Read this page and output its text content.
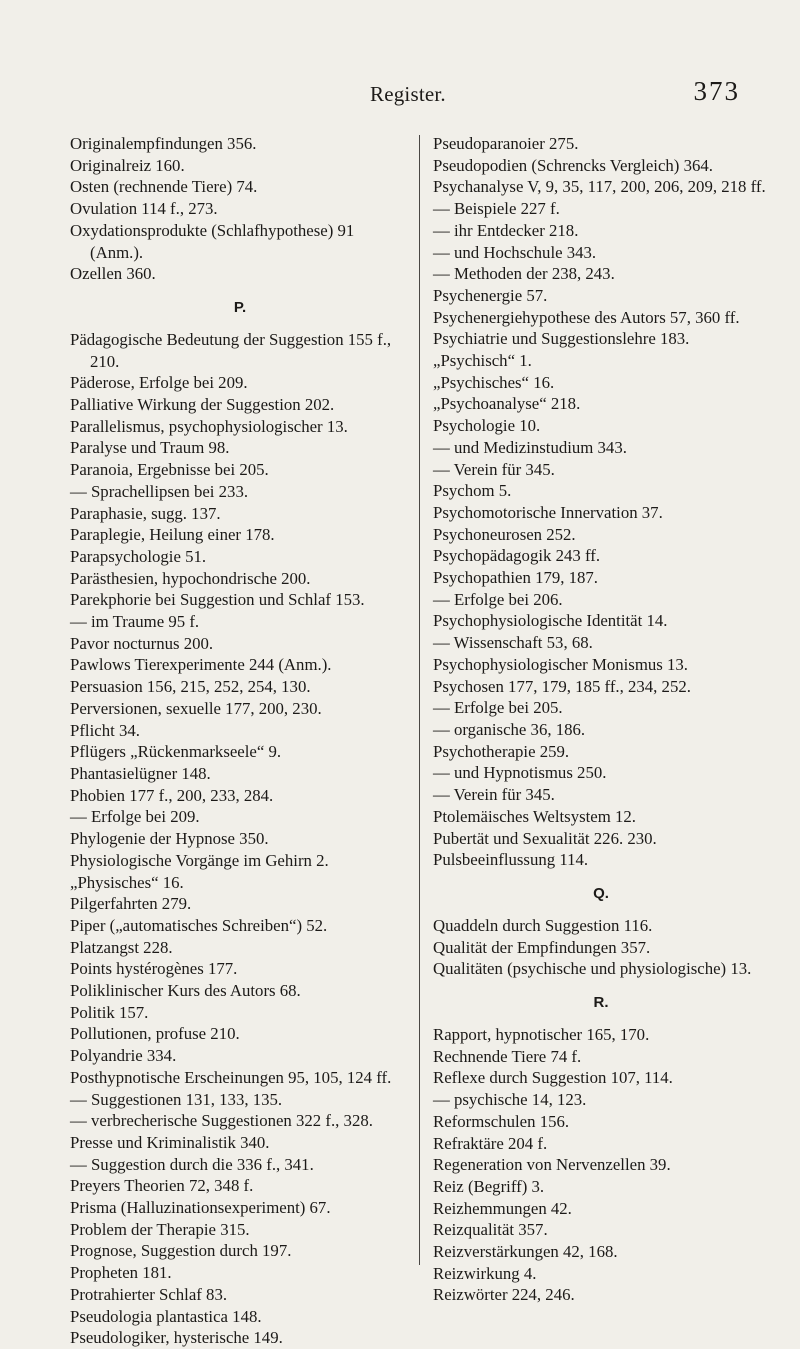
Register.	373

Originalempfindungen 356.

Originalreiz 160.

Osten (rechnende Tiere) 74.

Ovulation 114 f., 273.

Oxydationsprodukte (Schlafhypothese) 91 (Anm.).

Ozellen 360.

P.

Pädagogische Bedeutung der Suggestion 155 f., 210.

Päderose, Erfolge bei 209.

Palliative Wirkung der Suggestion 202.

Parallelismus, psychophysiologischer 13.

Paralyse und Traum 98.

Paranoia, Ergebnisse bei 205.

— Sprachellipsen bei 233.

Paraphasie, sugg. 137.

Paraplegie, Heilung einer 178.

Parapsychologie 51.

Parästhesien, hypochondrische 200.

Parekphorie bei Suggestion und Schlaf 153.

— im Traume 95 f.

Pavor nocturnus 200.

Pawlows Tierexperimente 244 (Anm.).

Persuasion 156, 215, 252, 254, 130.

Perversionen, sexuelle 177, 200, 230.

Pflicht 34.

Pflügers „Rückenmarkseele“ 9.

Phantasielügner 148.

Phobien 177 f., 200, 233, 284.

— Erfolge bei 209.

Phylogenie der Hypnose 350.

Physiologische Vorgänge im Gehirn 2.

„Physisches“ 16.

Pilgerfahrten 279.

Piper („automatisches Schreiben“) 52.

Platzangst 228.

Points hystérogènes 177.

Poliklinischer Kurs des Autors 68.

Politik 157.

Pollutionen, profuse 210.

Polyandrie 334.

Posthypnotische Erscheinungen 95, 105, 124 ff.

— Suggestionen 131, 133, 135.

— verbrecherische Suggestionen 322 f., 328.

Presse und Kriminalistik 340.

— Suggestion durch die 336 f., 341.

Preyers Theorien 72, 348 f.

Prisma (Halluzinationsexperiment) 67.

Problem der Therapie 315.

Prognose, Suggestion durch 197.

Propheten 181.

Protrahierter Schlaf 83.

Pseudologia plantastica 148.

Pseudologiker, hysterische 149.

Pseudoparanoier 275.

Pseudopodien (Schrencks Vergleich) 364.

Psychanalyse V, 9, 35, 117, 200, 206, 209, 218 ff.

— Beispiele 227 f.

— ihr Entdecker 218.

— und Hochschule 343.

— Methoden der 238, 243.

Psychenergie 57.

Psychenergiehypothese des Autors 57, 360 ff.

Psychiatrie und Suggestionslehre 183.

„Psychisch“ 1.

„Psychisches“ 16.

„Psychoanalyse“ 218.

Psychologie 10.

— und Medizinstudium 343.

— Verein für 345.

Psychom 5.

Psychomotorische Innervation 37.

Psychoneurosen 252.

Psychopädagogik 243 ff.

Psychopathien 179, 187.

— Erfolge bei 206.

Psychophysiologische Identität 14.

— Wissenschaft 53, 68.

Psychophysiologischer Monismus 13.

Psychosen 177, 179, 185 ff., 234, 252.

— Erfolge bei 205.

— organische 36, 186.

Psychotherapie 259.

— und Hypnotismus 250.

— Verein für 345.

Ptolemäisches Weltsystem 12.

Pubertät und Sexualität 226. 230.

Pulsbeeinflussung 114.

Q.

Quaddeln durch Suggestion 116.

Qualität der Empfindungen 357.

Qualitäten (psychische und physiologische) 13.

R.

Rapport, hypnotischer 165, 170.

Rechnende Tiere 74 f.

Reflexe durch Suggestion 107, 114.

— psychische 14, 123.

Reformschulen 156.

Refraktäre 204 f.

Regeneration von Nervenzellen 39.

Reiz (Begriff) 3.

Reizhemmungen 42.

Reizqualität 357.

Reizverstärkungen 42, 168.

Reizwirkung 4.

Reizwörter 224, 246.
